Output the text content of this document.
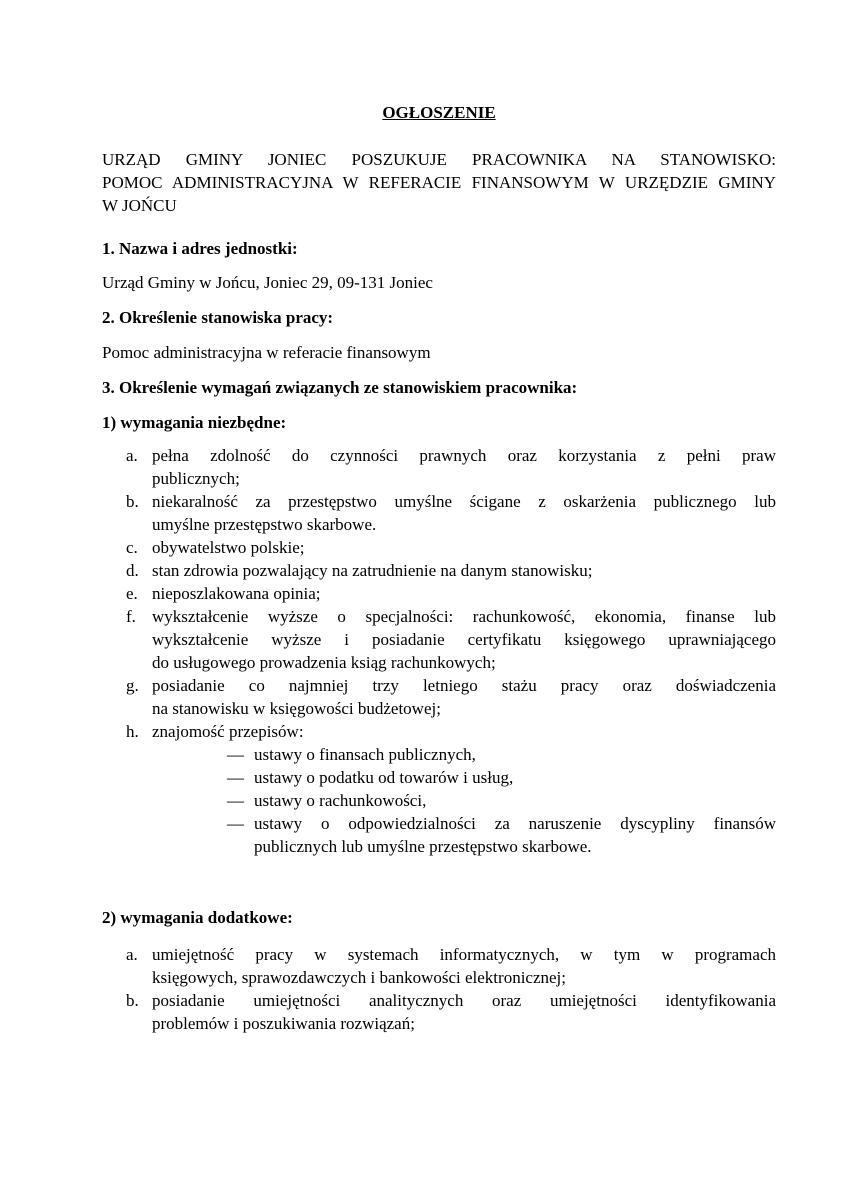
OGŁOSZENIE
URZĄD GMINY JONIEC POSZUKUJE PRACOWNIKA NA STANOWISKO:
POMOC ADMINISTRACYJNA W REFERACIE FINANSOWYM W URZĘDZIE GMINY
W JOŃCU
1. Nazwa i adres jednostki:
Urząd Gminy w Jońcu, Joniec 29, 09-131 Joniec
2. Określenie stanowiska pracy:
Pomoc administracyjna w referacie finansowym
3. Określenie wymagań związanych ze stanowiskiem pracownika:
1) wymagania niezbędne:
a. pełna zdolność do czynności prawnych oraz korzystania z pełni praw
publicznych;
b. niekaralność za przestępstwo umyślne ścigane z oskarżenia publicznego lub
umyślne przestępstwo skarbowe.
c. obywatelstwo polskie;
d. stan zdrowia pozwalający na zatrudnienie na danym stanowisku;
e. nieposzlakowana opinia;
f. wykształcenie wyższe o specjalności: rachunkowość, ekonomia, finanse lub
wykształcenie wyższe i posiadanie certyfikatu księgowego uprawniającego
do usługowego prowadzenia ksiąg rachunkowych;
g. posiadanie co najmniej trzy letniego stażu pracy oraz doświadczenia
na stanowisku w księgowości budżetowej;
h. znajomość przepisów:
— ustawy o finansach publicznych,
— ustawy o podatku od towarów i usług,
— ustawy o rachunkowości,
— ustawy o odpowiedzialności za naruszenie dyscypliny finansów
publicznych lub umyślne przestępstwo skarbowe.
2) wymagania dodatkowe:
a. umiejętność pracy w systemach informatycznych, w tym w programach
księgowych, sprawozdawczych i bankowości elektronicznej;
b. posiadanie umiejętności analitycznych oraz umiejętności identyfikowania
problemów i poszukiwania rozwiązań;
